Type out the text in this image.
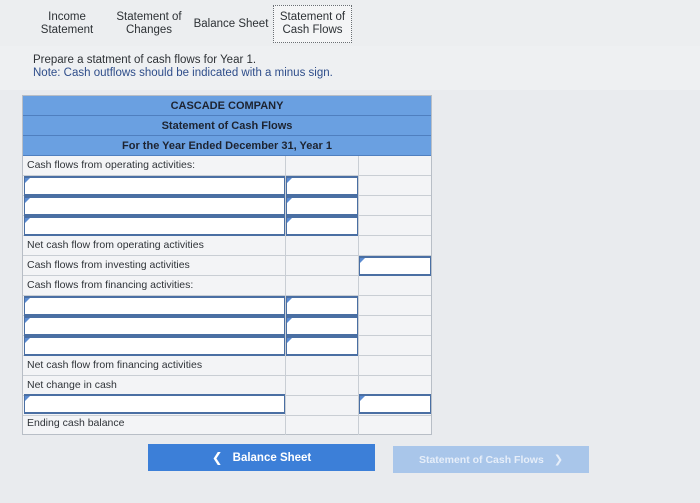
Income
Statement
Statement of
Changes
Balance Sheet
Statement of
Cash Flows
Prepare a statment of cash flows for Year 1.
Note: Cash outflows should be indicated with a minus sign.
CASCADE COMPANY
Statement of Cash Flows
For the Year Ended December 31, Year 1
Cash flows from operating activities:
Net cash flow from operating activities
Cash flows from investing activities
Cash flows from financing activities:
Net cash flow from financing activities
Net change in cash
Ending cash balance
❮ Balance Sheet	Statement of Cash Flows ❯
